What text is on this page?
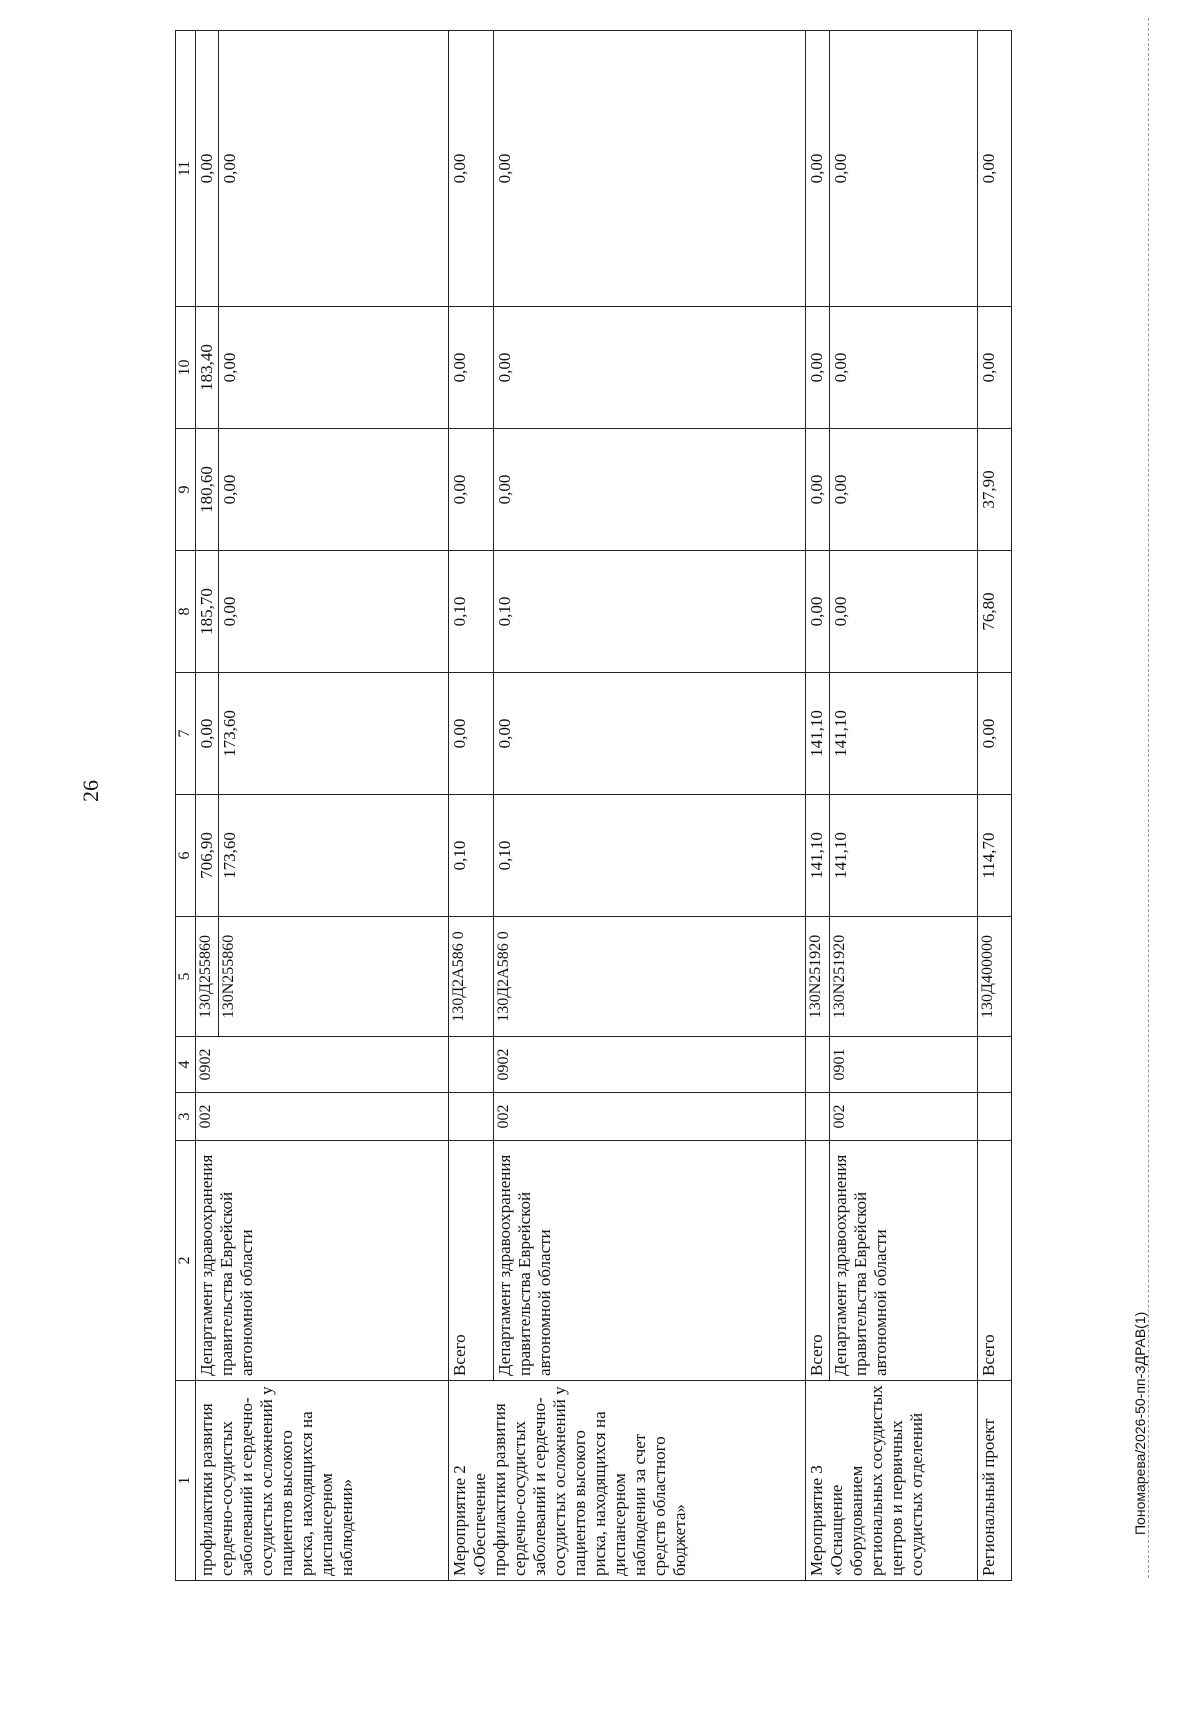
26
Пономарева/2026-50-пп-ЗДРАВ(1)
1	2	3	4	5	6	7	8	9	10	11
профилактики развития сердечно-сосудистых заболеваний и сердечно-сосудистых осложнений у пациентов высокого риска, находящихся на диспансерном наблюдении»	Департамент здравоохранения правительства Еврейской автономной области	002	0902	130Д255860	706,90	0,00	185,70	180,60	183,40	0,00
				130N255860	173,60	173,60	0,00	0,00	0,00	0,00
Мероприятие 2 «Обеспечение профилактики развития сердечно-сосудистых заболеваний и сердечно-сосудистых осложнений у пациентов высокого риска, находящихся на диспансерном наблюдении за счет средств областного бюджета»	Всего			130Д2А586 0	0,10	0,00	0,10	0,00	0,00	0,00
	Департамент здравоохранения правительства Еврейской автономной области	002	0902	130Д2А586 0	0,10	0,00	0,10	0,00	0,00	0,00
Мероприятие 3 «Оснащение оборудованием региональных сосудистых центров и первичных сосудистых отделений	Всего			130N251920	141,10	141,10	0,00	0,00	0,00	0,00
	Департамент здравоохранения правительства Еврейской автономной области	002	0901	130N251920	141,10	141,10	0,00	0,00	0,00	0,00
Региональный проект	Всего			130Д400000	114,70	0,00	76,80	37,90	0,00	0,00
